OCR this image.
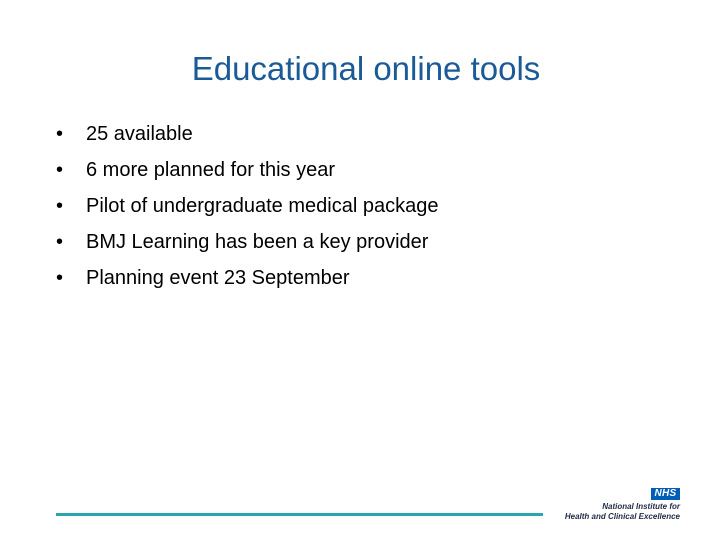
Educational online tools
•	25 available
•	6 more planned for this year
•	Pilot of undergraduate medical package
•	BMJ Learning has been a key provider
•	Planning event 23 September
NHS
National Institute for
Health and Clinical Excellence
